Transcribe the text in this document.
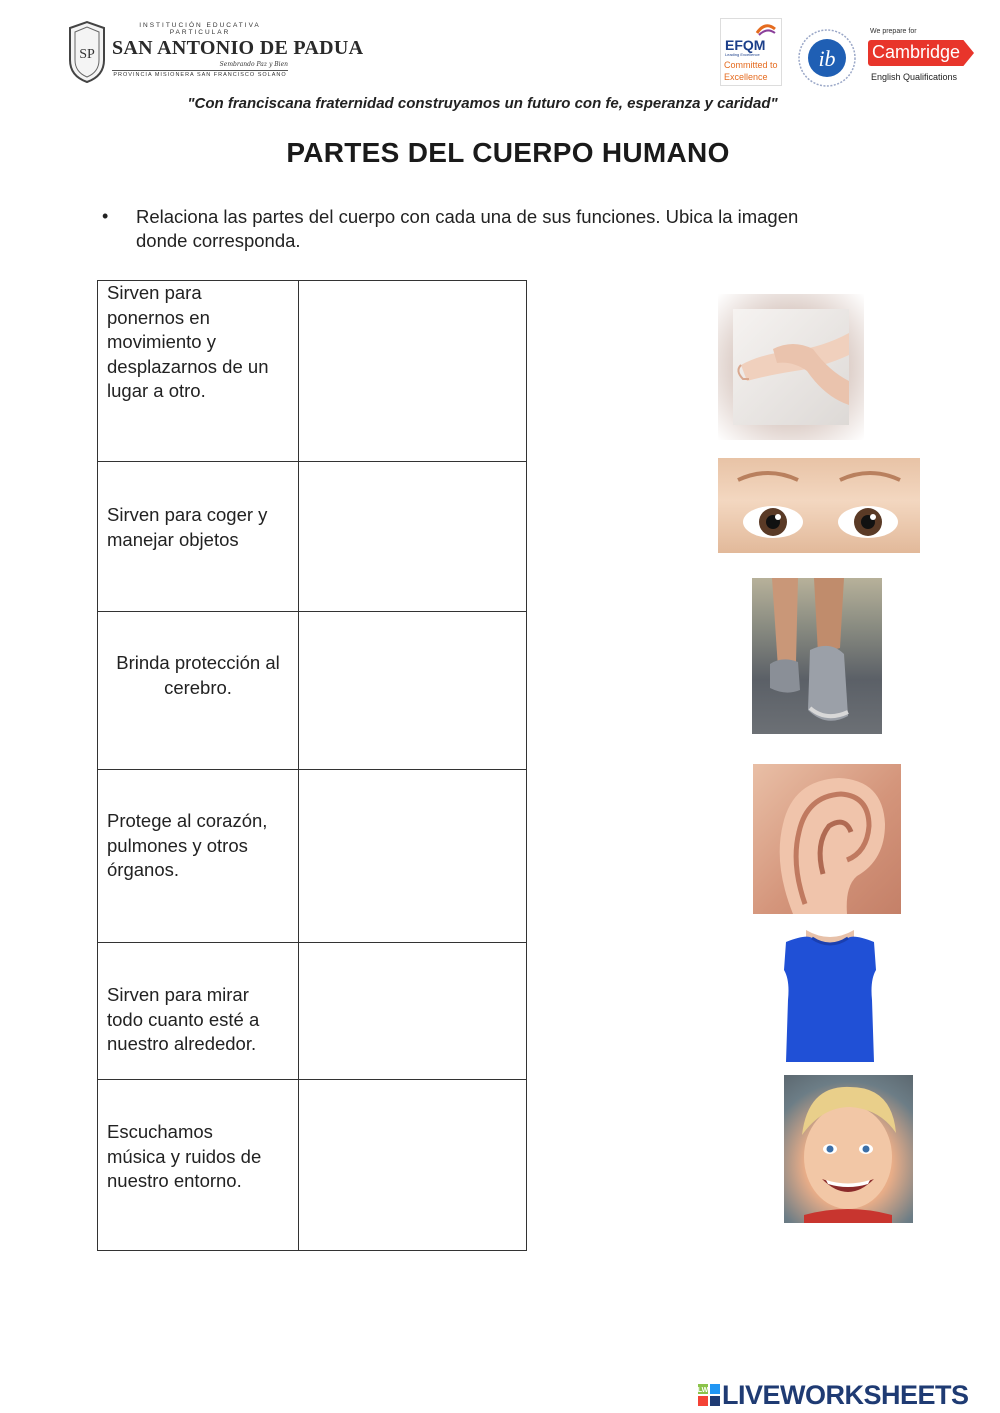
SP
INSTITUCIÓN EDUCATIVA PARTICULAR
SAN ANTONIO DE PADUA
Sembrando Paz y Bien
PROVINCIA MISIONERA SAN FRANCISCO SOLANO
EFQM
Leading Excellence
Committed to
Excellence
ib
We prepare for
Cambridge
English Qualifications
"Con franciscana fraternidad construyamos un futuro con fe, esperanza y caridad"
PARTES DEL CUERPO HUMANO
• Relaciona las partes del cuerpo con cada una de sus funciones. Ubica la imagen
donde corresponda.
Sirven para
ponernos en
movimiento y
desplazarnos de un
lugar a otro.	

Sirven para coger y
manejar objetos	

Brinda protección al
cerebro.	

Protege al corazón,
pulmones y otros
órganos.	

Sirven para mirar
todo cuanto esté a
nuestro alrededor.	

Escuchamos
música y ruidos de
nuestro entorno.	

LW LIVEWORKSHEETS
